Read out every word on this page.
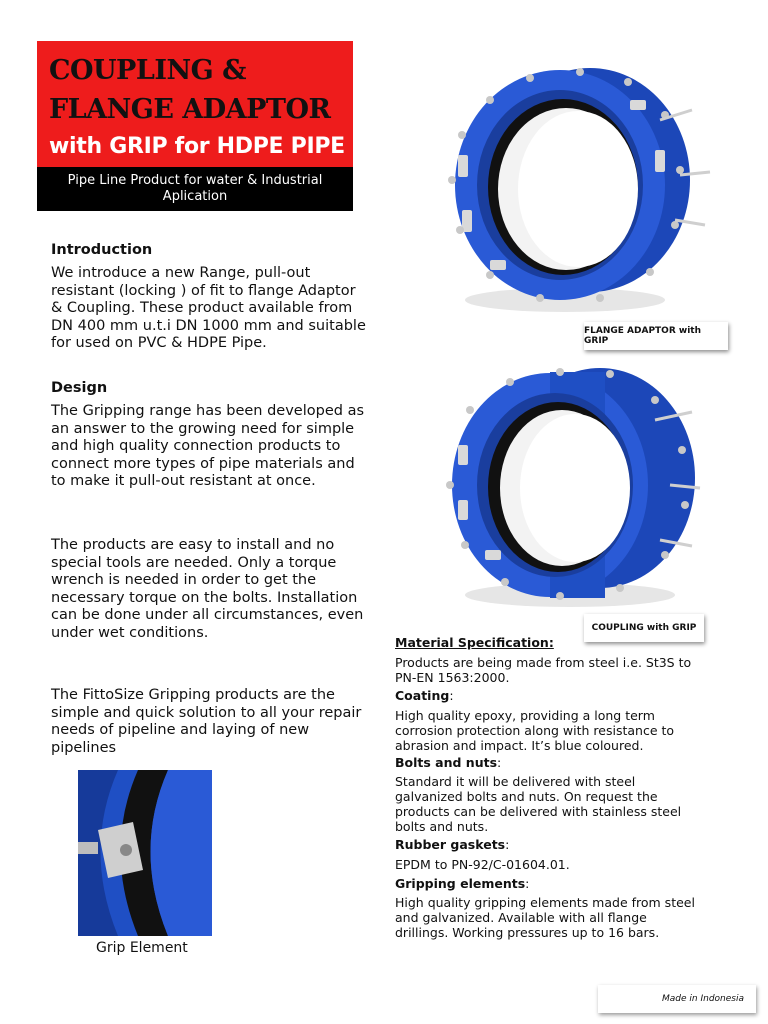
COUPLING &
FLANGE ADAPTOR
with GRIP for HDPE PIPE
Pipe Line Product for water & Industrial Aplication
Introduction
We introduce a new Range, pull-out resistant (locking ) of fit to flange Adaptor & Coupling. These product available from DN 400 mm u.t.i DN 1000 mm and suitable for used on PVC & HDPE Pipe.
Design
The Gripping range has been developed as an answer to the growing need for simple and high quality connection products to connect more types of pipe materials and to make it pull-out resistant at once.
The products are easy to install and no special tools are needed. Only a torque wrench is needed in order to get the necessary torque on the bolts. Installation can be done under all circumstances, even under wet conditions.
The FittoSize Gripping products are the simple and quick solution to all your repair needs of pipeline and laying of new pipelines
FLANGE ADAPTOR with GRIP
COUPLING with GRIP
Grip Element
Material Specification:
Products are being made from steel i.e. St3S to PN-EN 1563:2000.
Coating:
High quality epoxy, providing a long term corrosion protection along with resistance to abrasion and impact. It’s blue coloured.
Bolts and nuts:
Standard it will be delivered with steel galvanized bolts and nuts. On request the products can be delivered with stainless steel bolts and nuts.
Rubber gaskets:
EPDM to PN-92/C-01604.01.
Gripping elements:
High quality gripping elements made from steel and galvanized. Available with all flange drillings. Working pressures up to 16 bars.
Made in Indonesia
